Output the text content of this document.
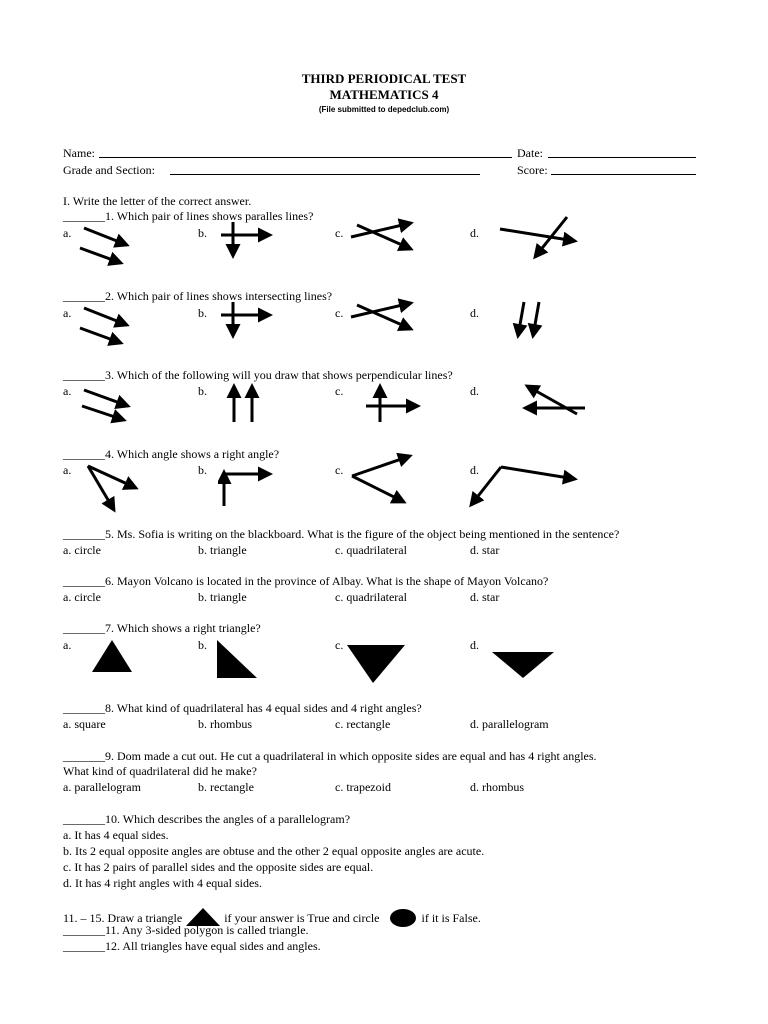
THIRD PERIODICAL TEST
MATHEMATICS 4
(File submitted to depedclub.com)
Name:	Date:
Grade and Section:	Score:
I. Write the letter of the correct answer.
_______1. Which pair of lines shows paralles lines?
a.	b.	c.	d.
_______2. Which pair of lines shows intersecting lines?
a.	b.	c.	d.
_______3. Which of the following will you draw that shows perpendicular lines?
a.	b.	c.	d.
_______4. Which angle shows a right angle?
a.	b.	c.	d.
_______5. Ms. Sofia is writing on the blackboard. What is the figure of the object being mentioned in the sentence?
a. circle	b. triangle	c. quadrilateral	d. star
_______6. Mayon Volcano is located in the province of Albay. What is the shape of Mayon Volcano?
a. circle	b. triangle	c. quadrilateral	d. star
_______7. Which shows a right triangle?
a.	b.	c.	d.
_______8. What kind of quadrilateral has 4 equal sides and 4 right angles?
a. square	b. rhombus	c. rectangle	d. parallelogram
_______9. Dom made a cut out. He cut a quadrilateral in which opposite sides are equal and has 4 right angles.
What kind of quadrilateral did he make?
a. parallelogram	b. rectangle	c. trapezoid	d. rhombus
_______10. Which describes the angles of a parallelogram?
a. It has 4 equal sides.
b. Its 2 equal opposite angles are obtuse and the other 2 equal opposite angles are acute.
c. It has 2 pairs of parallel sides and the opposite sides are equal.
d. It has 4 right angles with 4 equal sides.
11. – 15. Draw a triangle	if your answer is True and circle	if it is False.
_______11. Any 3-sided polygon is called triangle.
_______12. All triangles have equal sides and angles.
